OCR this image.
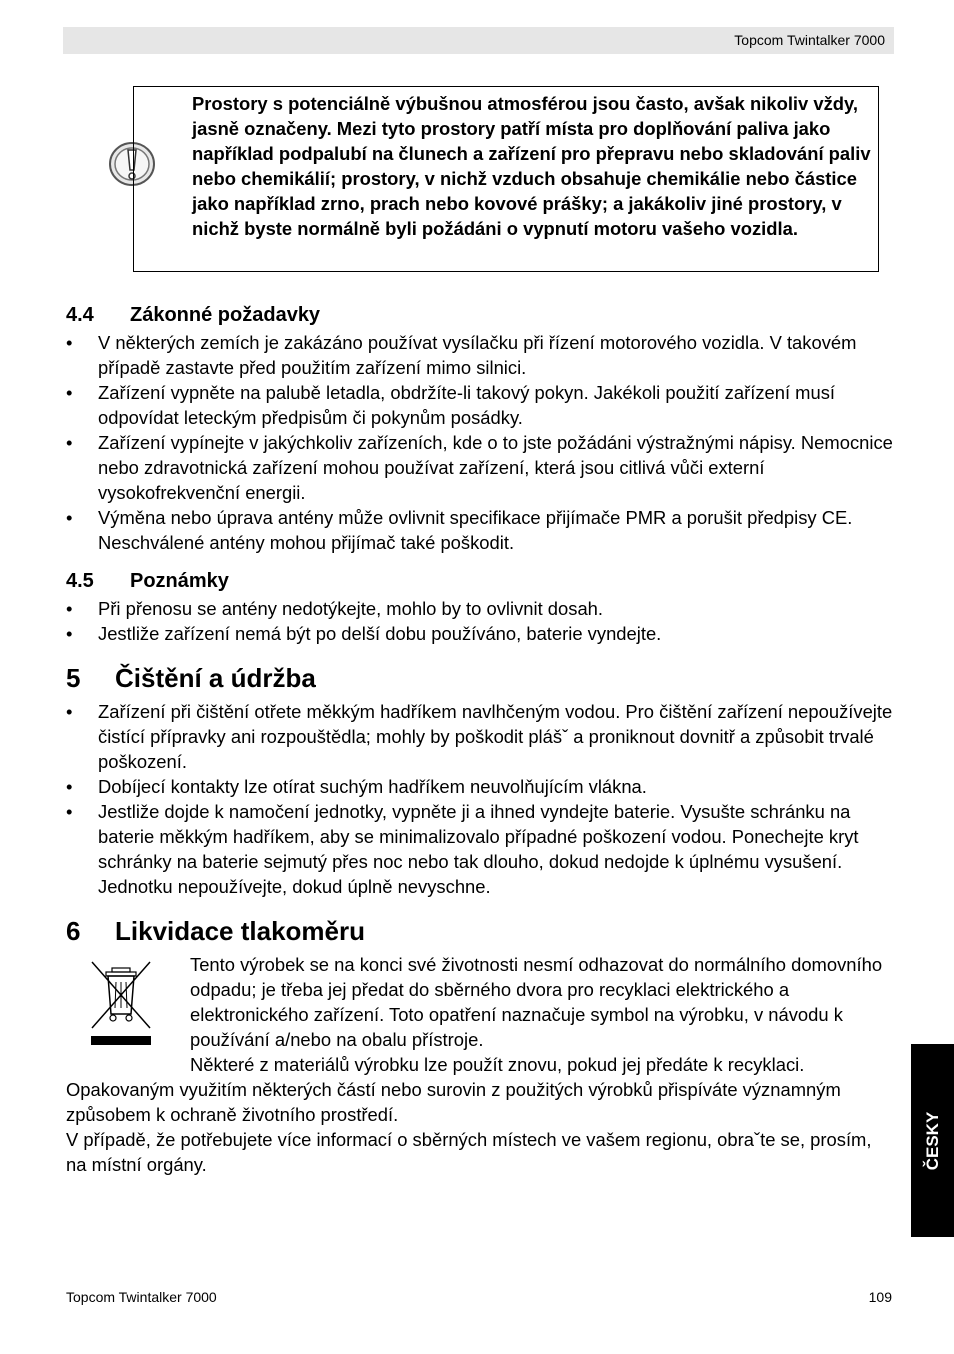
Topcom Twintalker 7000
Prostory s potenciálně výbušnou atmosférou jsou často, avšak nikoliv vždy, jasně označeny. Mezi tyto prostory patří místa pro doplňování paliva jako například podpalubí na člunech a zařízení pro přepravu nebo skladování paliv nebo chemikálií; prostory, v nichž vzduch obsahuje chemikálie nebo částice jako například zrno, prach nebo kovové prášky; a jakákoliv jiné prostory, v nichž byste normálně byli požádáni o vypnutí motoru vašeho vozidla.
4.4 Zákonné požadavky
• V některých zemích je zakázáno používat vysílačku při řízení motorového vozidla. V takovém případě zastavte před použitím zařízení mimo silnici.
• Zařízení vypněte na palubě letadla, obdržíte-li takový pokyn. Jakékoli použití zařízení musí odpovídat leteckým předpisům či pokynům posádky.
• Zařízení vypínejte v jakýchkoliv zařízeních, kde o to jste požádáni výstražnými nápisy. Nemocnice nebo zdravotnická zařízení mohou používat zařízení, která jsou citlivá vůči externí vysokofrekvenční energii.
• Výměna nebo úprava antény může ovlivnit specifikace přijímače PMR a porušit předpisy CE. Neschválené antény mohou přijímač také poškodit.
4.5 Poznámky
• Při přenosu se antény nedotýkejte, mohlo by to ovlivnit dosah.
• Jestliže zařízení nemá být po delší dobu používáno, baterie vyndejte.
5 Čištění a údržba
• Zařízení při čištění otřete měkkým hadříkem navlhčeným vodou. Pro čištění zařízení nepoužívejte čistící přípravky ani rozpouštědla; mohly by poškodit plášˇ a proniknout dovnitř a způsobit trvalé poškození.
• Dobíjecí kontakty lze otírat suchým hadříkem neuvolňujícím vlákna.
• Jestliže dojde k namočení jednotky, vypněte ji a ihned vyndejte baterie. Vysušte schránku na baterie měkkým hadříkem, aby se minimalizovalo případné poškození vodou. Ponechejte kryt schránky na baterie sejmutý přes noc nebo tak dlouho, dokud nedojde k úplnému vysušení. Jednotku nepoužívejte, dokud úplně nevyschne.
6 Likvidace tlakoměru
Tento výrobek se na konci své životnosti nesmí odhazovat do normálního domovního odpadu; je třeba jej předat do sběrného dvora pro recyklaci elektrického a elektronického zařízení. Toto opatření naznačuje symbol na výrobku, v návodu k používání a/nebo na obalu přístroje.
Některé z materiálů výrobku lze použít znovu, pokud jej předáte k recyklaci. Opakovaným využitím některých částí nebo surovin z použitých výrobků přispíváte významným způsobem k ochraně životního prostředí.
V případě, že potřebujete více informací o sběrných místech ve vašem regionu, obraˇte se, prosím, na místní orgány.	ČESKY
Topcom Twintalker 7000	109
